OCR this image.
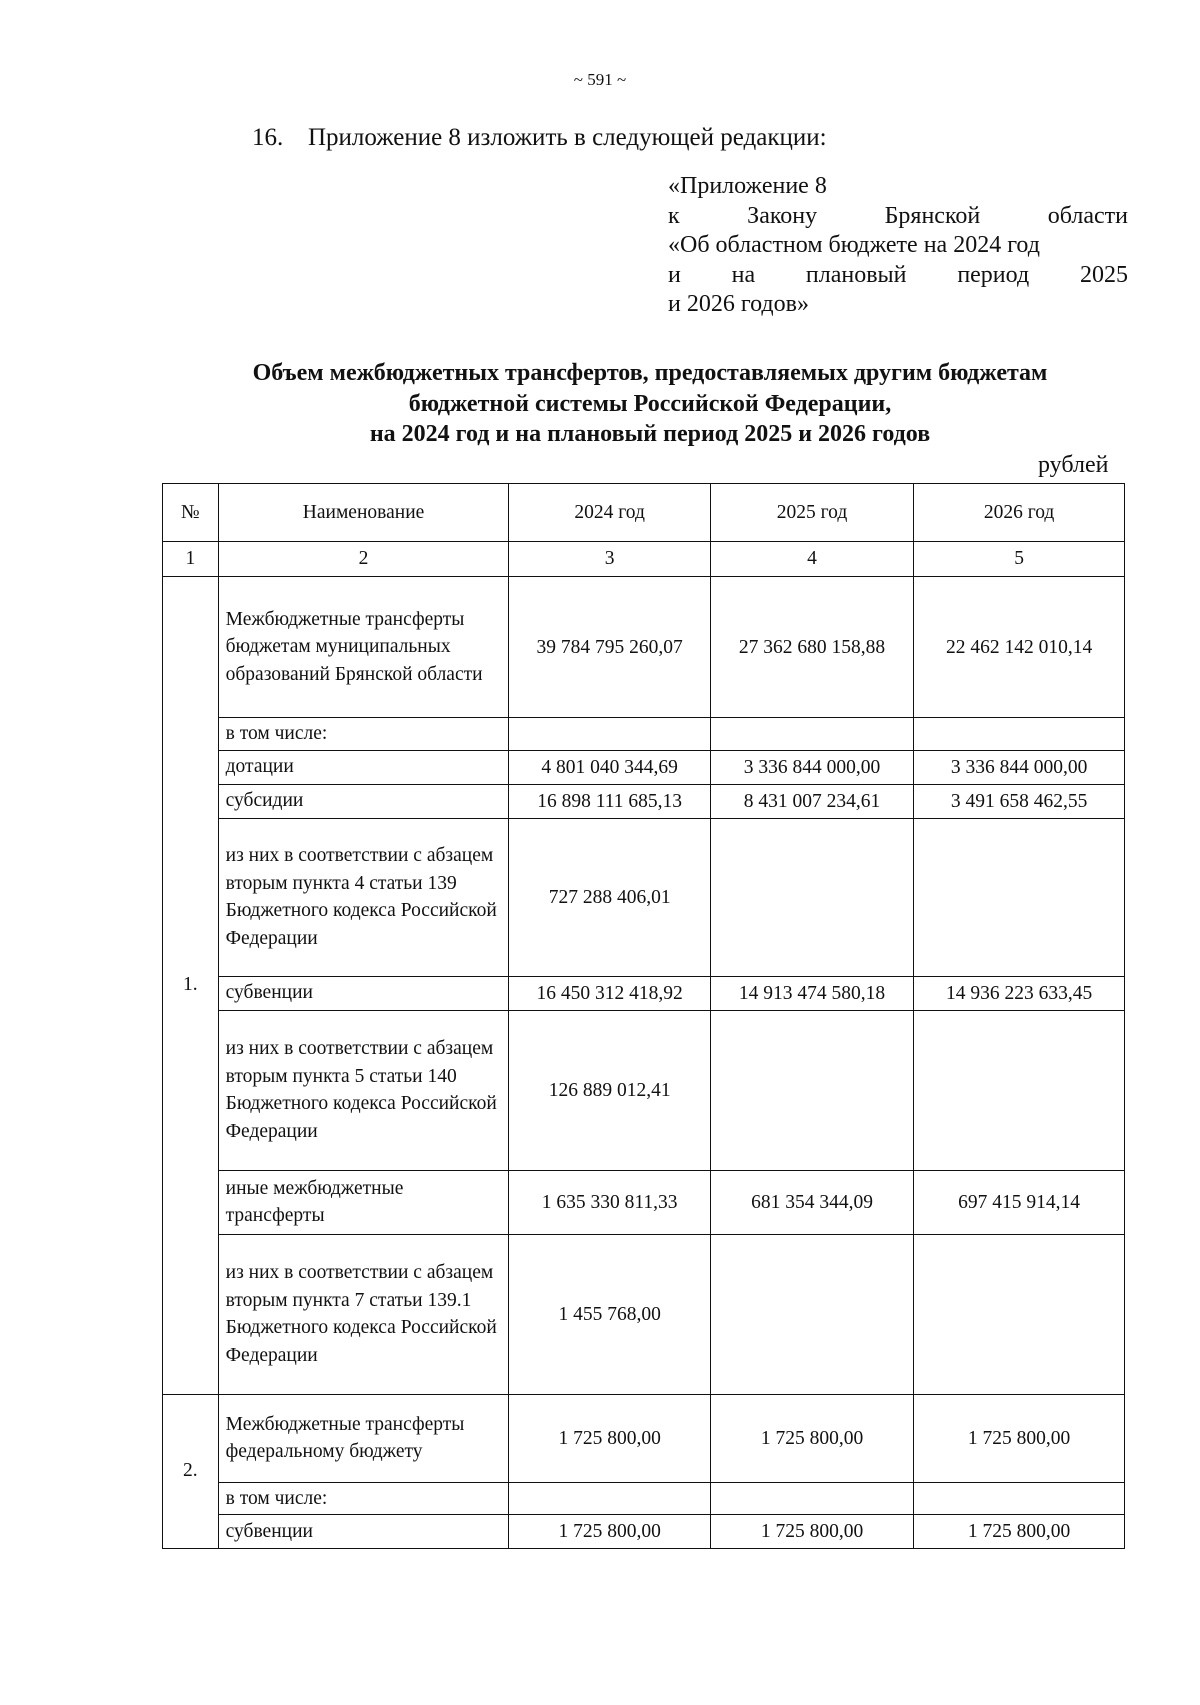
~ 591 ~
16. Приложение 8 изложить в следующей редакции:
«Приложение 8
к	Закону	Брянской	области
«Об областном бюджете на 2024 год
и на плановый период 2025
и 2026 годов»
Объем межбюджетных трансфертов, предоставляемых другим бюджетам
бюджетной системы Российской Федерации,
на 2024 год и на плановый период 2025 и 2026 годов
рублей
№	Наименование	2024 год	2025 год	2026 год
1	2	3	4	5
1.	Межбюджетные трансферты бюджетам муниципальных образований Брянской области	39 784 795 260,07	27 362 680 158,88	22 462 142 010,14
	в том числе:			
	дотации	4 801 040 344,69	3 336 844 000,00	3 336 844 000,00
	субсидии	16 898 111 685,13	8 431 007 234,61	3 491 658 462,55
	из них в соответствии с абзацем вторым пункта 4 статьи 139 Бюджетного кодекса Российской Федерации	727 288 406,01		
	субвенции	16 450 312 418,92	14 913 474 580,18	14 936 223 633,45
	из них в соответствии с абзацем вторым пункта 5 статьи 140 Бюджетного кодекса Российской Федерации	126 889 012,41		
	иные межбюджетные трансферты	1 635 330 811,33	681 354 344,09	697 415 914,14
	из них в соответствии с абзацем вторым пункта 7 статьи 139.1 Бюджетного кодекса Российской Федерации	1 455 768,00		
2.	Межбюджетные трансферты федеральному бюджету	1 725 800,00	1 725 800,00	1 725 800,00
	в том числе:			
	субвенции	1 725 800,00	1 725 800,00	1 725 800,00
